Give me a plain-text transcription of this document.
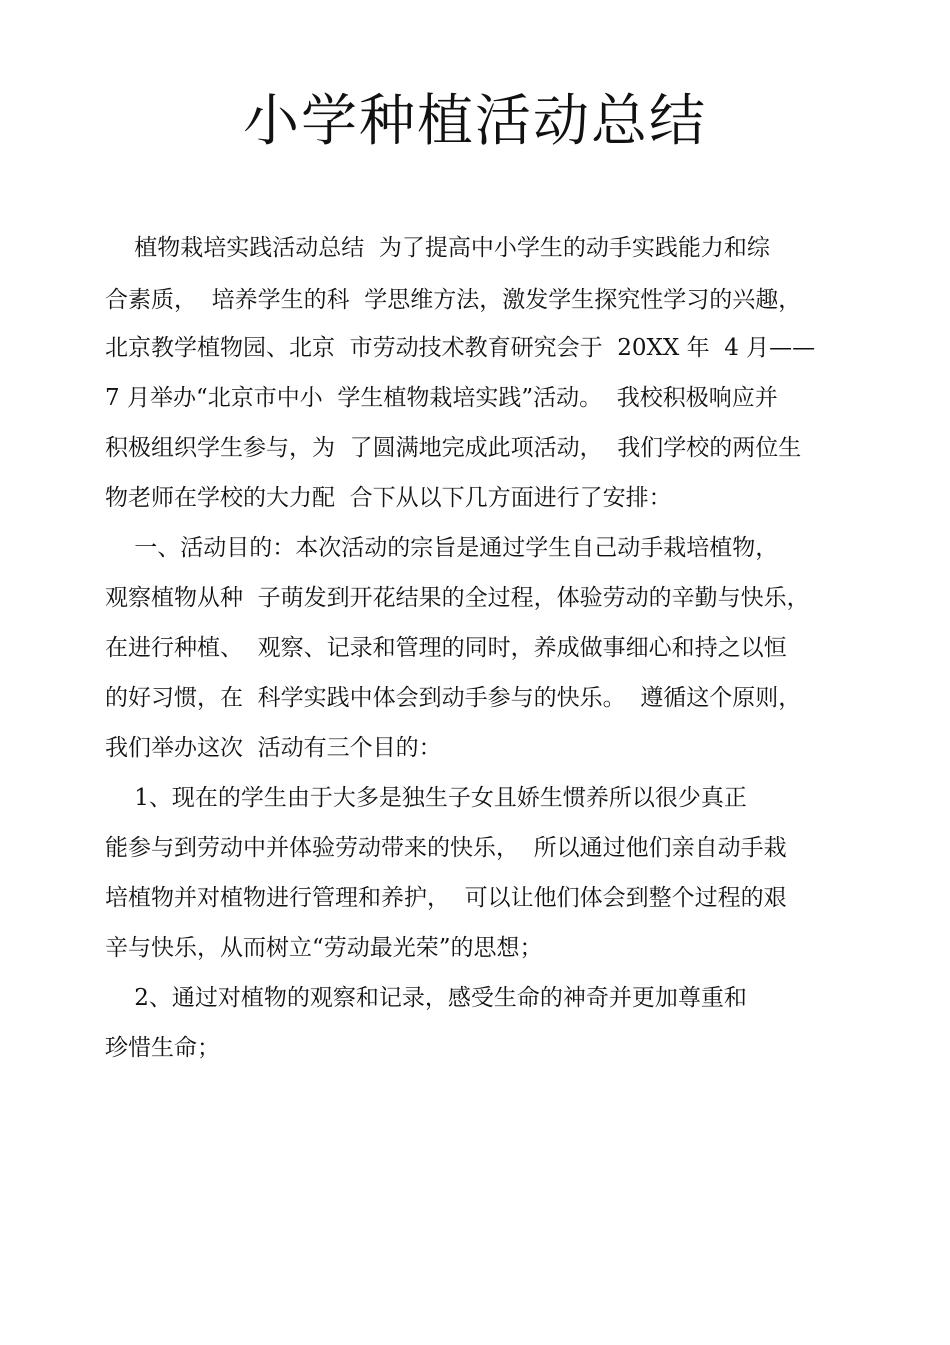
小学种植活动总结

植物栽培实践活动总结  为了提高中小学生的动手实践能力和综

合素质，  培养学生的科  学思维方法，激发学生探究性学习的兴趣，

北京教学植物园、北京  市劳动技术教育研究会于  20XX 年  4 月——

7 月举办“北京市中小  学生植物栽培实践”活动。  我校积极响应并

积极组织学生参与，为  了圆满地完成此项活动，  我们学校的两位生

物老师在学校的大力配  合下从以下几方面进行了安排：

一、活动目的：本次活动的宗旨是通过学生自己动手栽培植物，

观察植物从种  子萌发到开花结果的全过程，体验劳动的辛勤与快乐，

在进行种植、  观察、记录和管理的同时，养成做事细心和持之以恒

的好习惯，在  科学实践中体会到动手参与的快乐。  遵循这个原则，

我们举办这次  活动有三个目的：

1、现在的学生由于大多是独生子女且娇生惯养所以很少真正

能参与到劳动中并体验劳动带来的快乐，  所以通过他们亲自动手栽

培植物并对植物进行管理和养护，  可以让他们体会到整个过程的艰

辛与快乐，从而树立“劳动最光荣”的思想；

2、通过对植物的观察和记录，感受生命的神奇并更加尊重和

珍惜生命；
